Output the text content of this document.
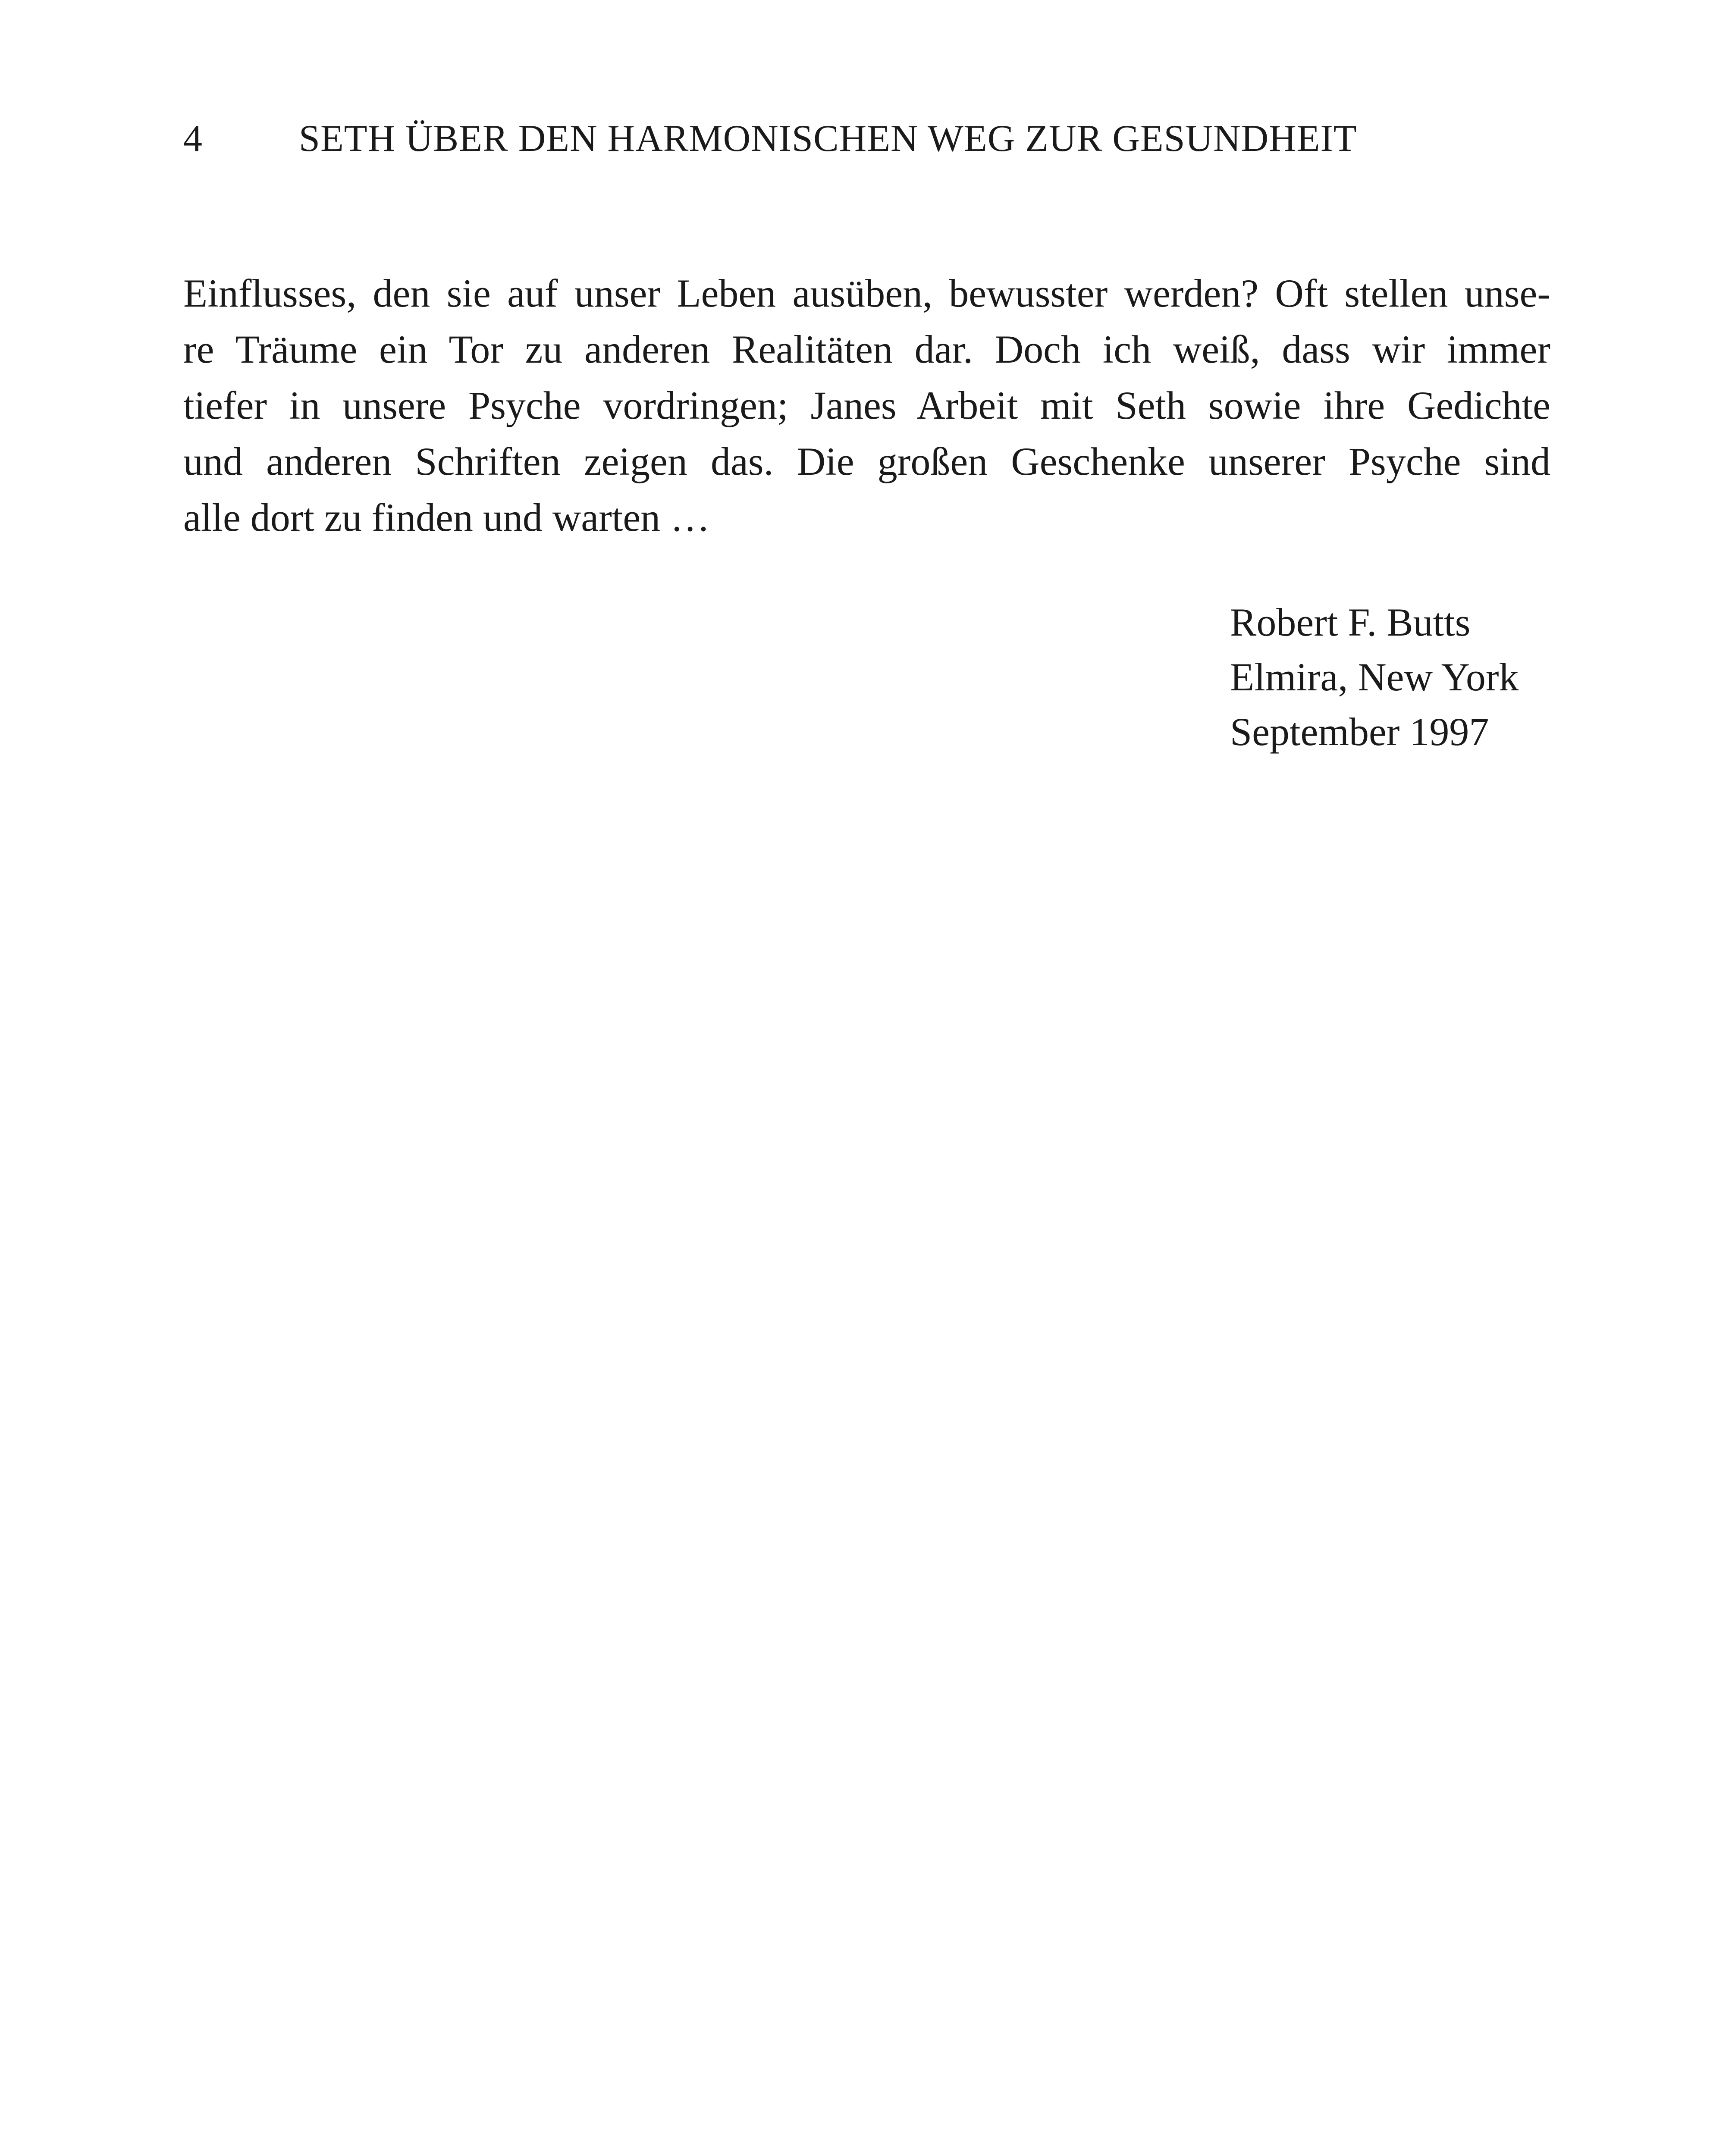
4	SETH ÜBER DEN HARMONISCHEN WEG ZUR GESUNDHEIT
Einflusses, den sie auf unser Leben ausüben, bewusster werden? Oft stellen unse-
re Träume ein Tor zu anderen Realitäten dar. Doch ich weiß, dass wir immer
tiefer in unsere Psyche vordringen; Janes Arbeit mit Seth sowie ihre Gedichte
und anderen Schriften zeigen das. Die großen Geschenke unserer Psyche sind
alle dort zu finden und warten …
Robert F. Butts
Elmira, New York
September 1997
